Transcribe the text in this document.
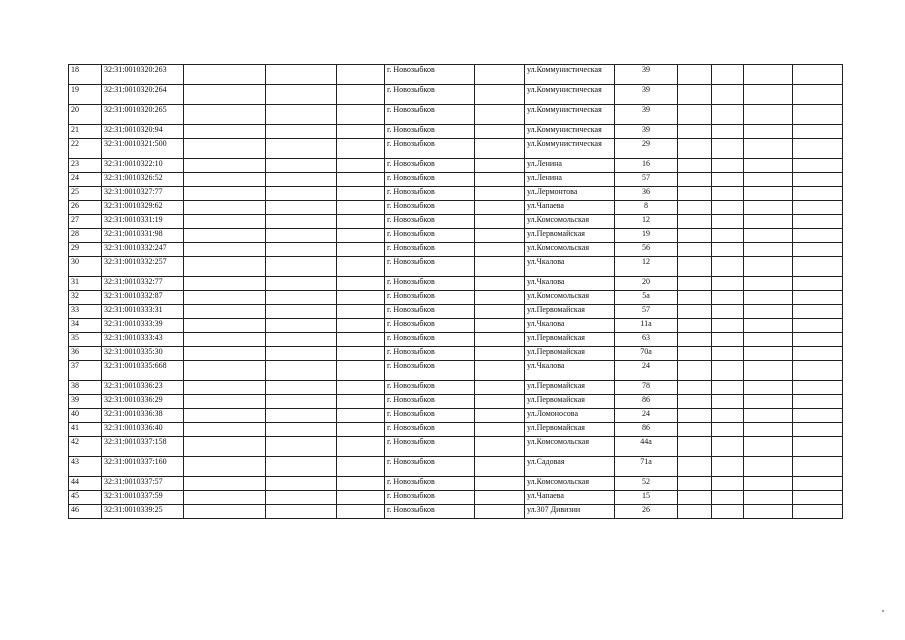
18	32:31:0010320:263				г. Новозыбков		ул.Коммунистическая	39				
19	32:31:0010320:264				г. Новозыбков		ул.Коммунистическая	39				
20	32:31:0010320:265				г. Новозыбков		ул.Коммунистическая	39				
21	32:31:0010320:94				г. Новозыбков		ул.Коммунистическая	39				
22	32:31:0010321:500				г. Новозыбков		ул.Коммунистическая	29				
23	32:31:0010322:10				г. Новозыбков		ул.Ленина	16				
24	32:31:0010326:52				г. Новозыбков		ул.Ленина	57				
25	32:31:0010327:77				г. Новозыбков		ул.Лермонтова	36				
26	32:31:0010329:62				г. Новозыбков		ул.Чапаева	8				
27	32:31:0010331:19				г. Новозыбков		ул.Комсомольская	12				
28	32:31:0010331:98				г. Новозыбков		ул.Первомайская	19				
29	32:31:0010332:247				г. Новозыбков		ул.Комсомольская	56				
30	32:31:0010332:257				г. Новозыбков		ул.Чкалова	12				
31	32:31:0010332:77				г. Новозыбков		ул.Чкалова	20				
32	32:31:0010332:87				г. Новозыбков		ул.Комсомольская	5а				
33	32:31:0010333:31				г. Новозыбков		ул.Первомайская	57				
34	32:31:0010333:39				г. Новозыбков		ул.Чкалова	11а				
35	32:31:0010333:43				г. Новозыбков		ул.Первомайская	63				
36	32:31:0010335:30				г. Новозыбков		ул.Первомайская	70а				
37	32:31:0010335:668				г. Новозыбков		ул.Чкалова	24				
38	32:31:0010336:23				г. Новозыбков		ул.Первомайская	78				
39	32:31:0010336:29				г. Новозыбков		ул.Первомайская	86				
40	32:31:0010336:38				г. Новозыбков		ул.Ломоносова	24				
41	32:31:0010336:40				г. Новозыбков		ул.Первомайская	86				
42	32:31:0010337:158				г. Новозыбков		ул.Комсомольская	44а				
43	32:31:0010337:160				г. Новозыбков		ул.Садовая	71а				
44	32:31:0010337:57				г. Новозыбков		ул.Комсомольская	52				
45	32:31:0010337:59				г. Новозыбков		ул.Чапаева	15				
46	32:31:0010339:25				г. Новозыбков		ул.307 Дивизии	26				
